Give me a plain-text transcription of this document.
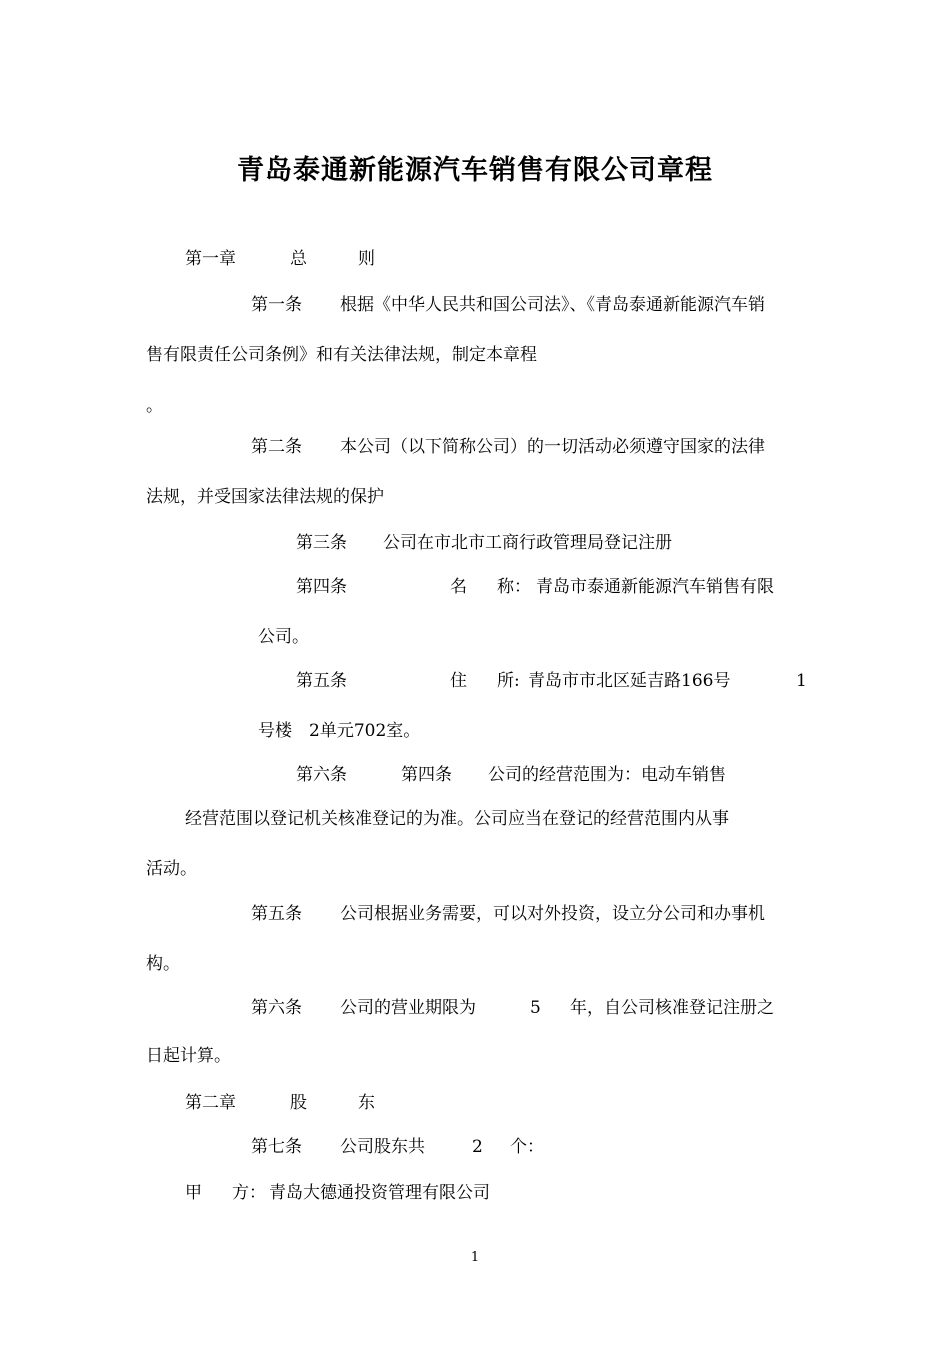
青岛泰通新能源汽车销售有限公司章程
第一章	总	则
第一条 根据《中华人民共和国公司法》、《青岛泰通新能源汽车销
售有限责任公司条例》和有关法律法规，制定本章程
。
第二条 本公司（以下简称公司）的一切活动必须遵守国家的法律
法规，并受国家法律法规的保护
第三条 公司在市北市工商行政管理局登记注册
第四条	名 称： 青岛市泰通新能源汽车销售有限
公司。
第五条	住 所: 青岛市市北区延吉路166号	1
号楼　2单元702室。
第六条	第四条 公司的经营范围为：电动车销售
经营范围以登记机关核准登记的为准。公司应当在登记的经营范围内从事
活动。
第五条 公司根据业务需要，可以对外投资，设立分公司和办事机
构。
第六条 公司的营业期限为	5 年，自公司核准登记注册之
日起计算。
第二章	股	东
第七条 公司股东共	2 个：
甲 方： 青岛大德通投资管理有限公司
1
